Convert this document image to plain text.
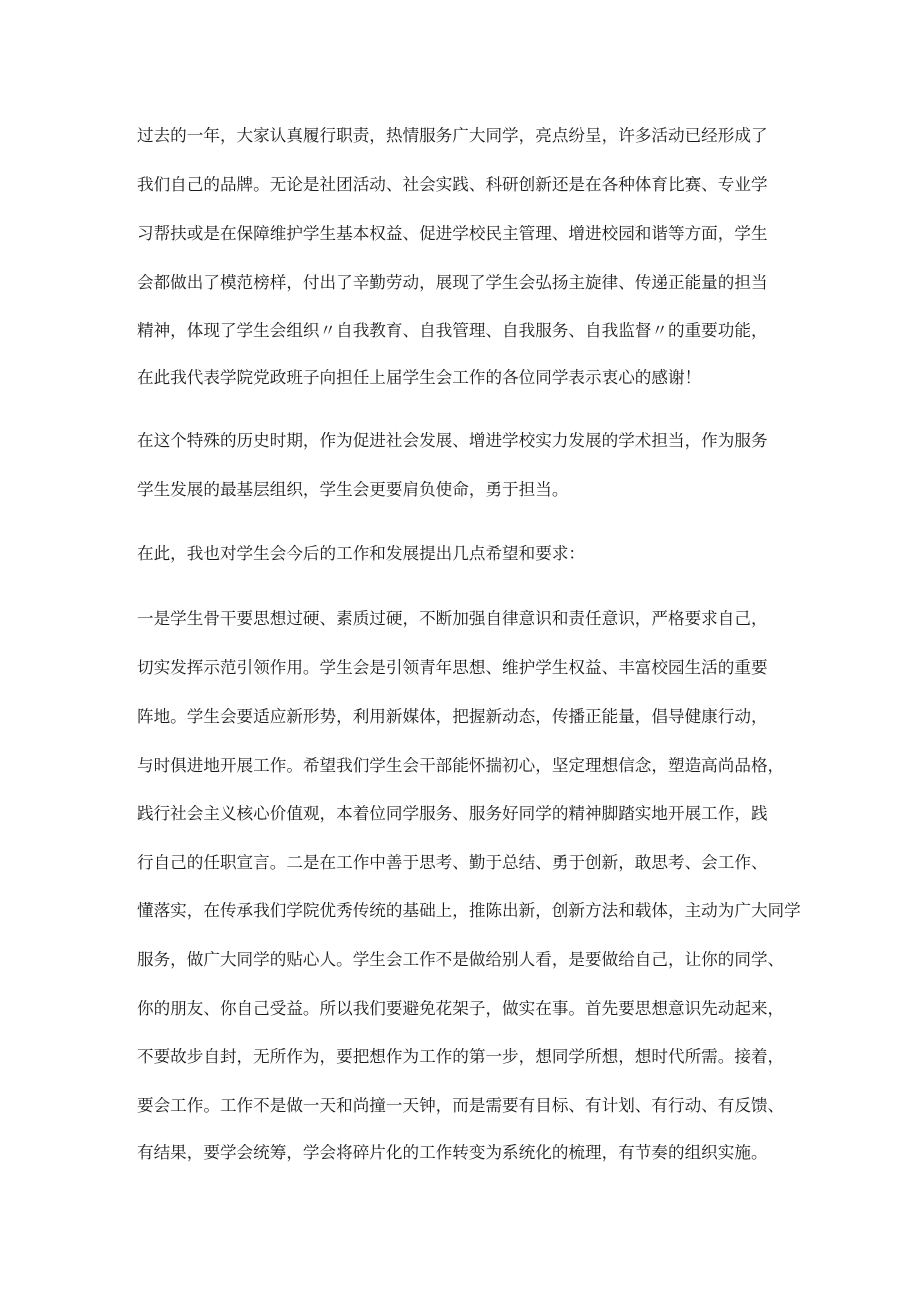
过去的一年，大家认真履行职责，热情服务广大同学，亮点纷呈，许多活动已经形成了
我们自己的品牌。无论是社团活动、社会实践、科研创新还是在各种体育比赛、专业学
习帮扶或是在保障维护学生基本权益、促进学校民主管理、增进校园和谐等方面，学生
会都做出了模范榜样，付出了辛勤劳动，展现了学生会弘扬主旋律、传递正能量的担当
精神，体现了学生会组织〃自我教育、自我管理、自我服务、自我监督〃的重要功能，
在此我代表学院党政班子向担任上届学生会工作的各位同学表示衷心的感谢！
在这个特殊的历史时期，作为促进社会发展、增进学校实力发展的学术担当，作为服务
学生发展的最基层组织，学生会更要肩负使命，勇于担当。
在此，我也对学生会今后的工作和发展提出几点希望和要求：
一是学生骨干要思想过硬、素质过硬，不断加强自律意识和责任意识，严格要求自己，
切实发挥示范引领作用。学生会是引领青年思想、维护学生权益、丰富校园生活的重要
阵地。学生会要适应新形势，利用新媒体，把握新动态，传播正能量，倡导健康行动，
与时俱进地开展工作。希望我们学生会干部能怀揣初心，坚定理想信念，塑造高尚品格，
践行社会主义核心价值观，本着位同学服务、服务好同学的精神脚踏实地开展工作，践
行自己的任职宣言。二是在工作中善于思考、勤于总结、勇于创新，敢思考、会工作、
懂落实，在传承我们学院优秀传统的基础上，推陈出新，创新方法和载体，主动为广大同学
服务，做广大同学的贴心人。学生会工作不是做给别人看，是要做给自己，让你的同学、
你的朋友、你自己受益。所以我们要避免花架子，做实在事。首先要思想意识先动起来，
不要故步自封，无所作为，要把想作为工作的第一步，想同学所想，想时代所需。接着，
要会工作。工作不是做一天和尚撞一天钟，而是需要有目标、有计划、有行动、有反馈、
有结果，要学会统筹，学会将碎片化的工作转变为系统化的梳理，有节奏的组织实施。
